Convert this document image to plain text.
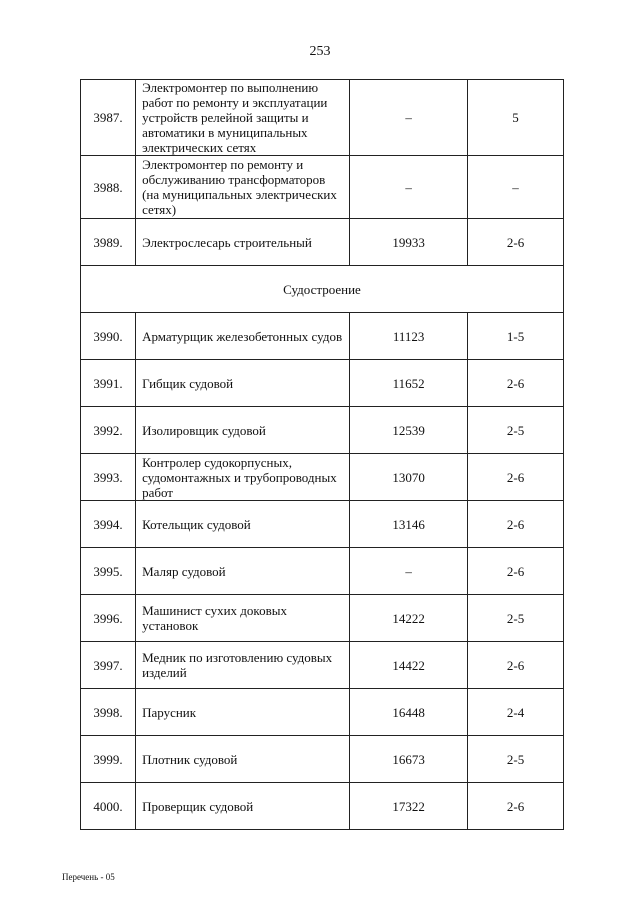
253
3987.	Электромонтер по выполнению работ по ремонту и эксплуатации устройств релейной защиты и автоматики в муниципальных электрических сетях	–	5
3988.	Электромонтер по ремонту и обслуживанию трансформаторов (на муниципальных электрических сетях)	–	–
3989.	Электрослесарь строительный	19933	2-6
Судостроение			
3990.	Арматурщик железобетонных судов	11123	1-5
3991.	Гибщик судовой	11652	2-6
3992.	Изолировщик судовой	12539	2-5
3993.	Контролер судокорпусных, судомонтажных и трубопроводных работ	13070	2-6
3994.	Котельщик судовой	13146	2-6
3995.	Маляр судовой	–	2-6
3996.	Машинист сухих доковых установок	14222	2-5
3997.	Медник по изготовлению судовых изделий	14422	2-6
3998.	Парусник	16448	2-4
3999.	Плотник судовой	16673	2-5
4000.	Проверщик судовой	17322	2-6
Перечень - 05
